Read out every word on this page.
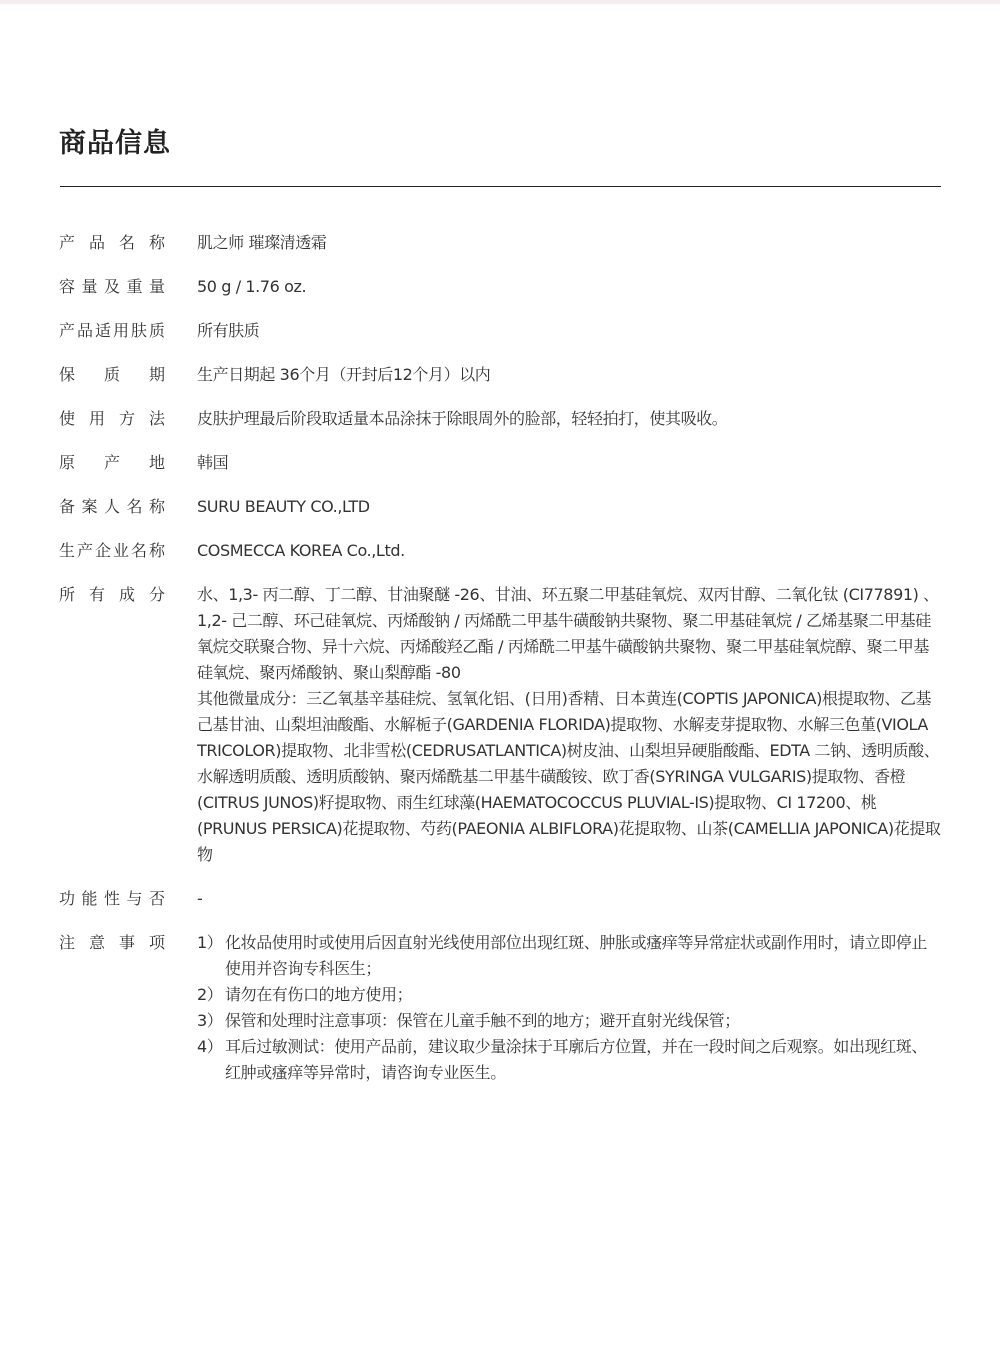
商品信息
产品名称 肌之师 璀璨清透霜
容量及重量 50 g / 1.76 oz.
产品适用肤质 所有肤质
保质期 生产日期起 36个月（开封后12个月）以内
使用方法 皮肤护理最后阶段取适量本品涂抹于除眼周外的脸部，轻轻拍打，使其吸收。
原产地 韩国
备案人名称 SURU BEAUTY CO.,LTD
生产企业名称 COSMECCA KOREA Co.,Ltd.
所有成分 水、1,3- 丙二醇、丁二醇、甘油聚醚 -26、甘油、环五聚二甲基硅氧烷、双丙甘醇、二氧化钛 (CI77891) 、1,2- 己二醇、环己硅氧烷、丙烯酸钠 / 丙烯酰二甲基牛磺酸钠共聚物、聚二甲基硅氧烷 / 乙烯基聚二甲基硅氧烷交联聚合物、异十六烷、丙烯酸羟乙酯 / 丙烯酰二甲基牛磺酸钠共聚物、聚二甲基硅氧烷醇、聚二甲基硅氧烷、聚丙烯酸钠、聚山梨醇酯 -80

其他微量成分：三乙氧基辛基硅烷、氢氧化铝、(日用)香精、日本黄连(COPTIS JAPONICA)根提取物、乙基己基甘油、山梨坦油酸酯、水解栀子(GARDENIA FLORIDA)提取物、水解麦芽提取物、水解三色堇(VIOLA TRICOLOR)提取物、北非雪松(CEDRUSATLANTICA)树皮油、山梨坦异硬脂酸酯、EDTA 二钠、透明质酸、水解透明质酸、透明质酸钠、聚丙烯酰基二甲基牛磺酸铵、欧丁香(SYRINGA VULGARIS)提取物、香橙(CITRUS JUNOS)籽提取物、雨生红球藻(HAEMATOCOCCUS PLUVIAL-IS)提取物、CI 17200、桃(PRUNUS PERSICA)花提取物、芍药(PAEONIA ALBIFLORA)花提取物、山茶(CAMELLIA JAPONICA)花提取物

功能性与否 -
注意事项 1） 化妆品使用时或使用后因直射光线使用部位出现红斑、肿胀或瘙痒等异常症状或副作用时，请立即停止使用并咨询专科医生；
2） 请勿在有伤口的地方使用；
3） 保管和处理时注意事项：保管在儿童手触不到的地方；避开直射光线保管；
4） 耳后过敏测试：使用产品前，建议取少量涂抹于耳廓后方位置，并在一段时间之后观察。如出现红斑、红肿或瘙痒等异常时，请咨询专业医生。
